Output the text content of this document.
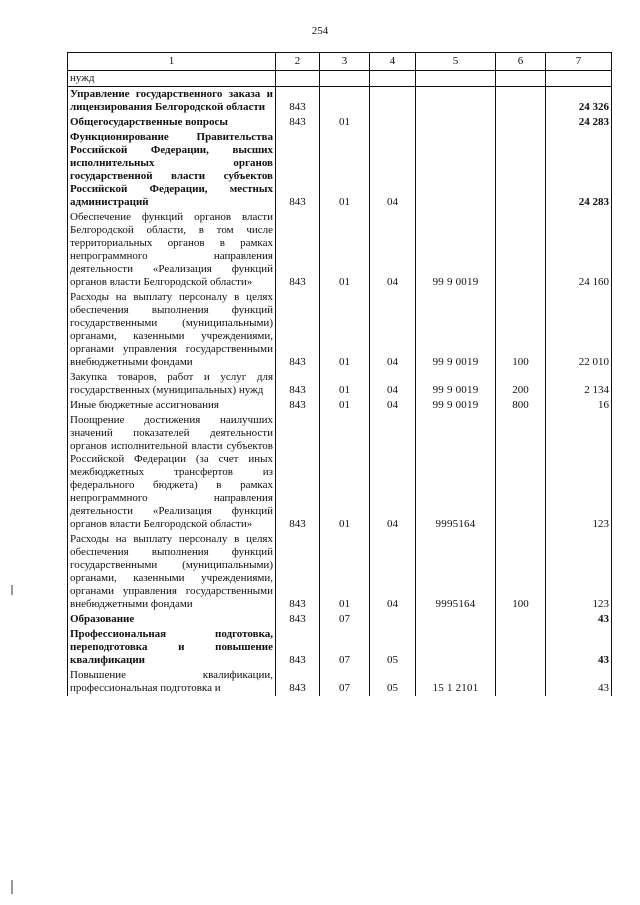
254
1	2	3	4	5	6	7
нужд						
Управление государственного заказа и лицензирования Белгородской области	843					24 326
Общегосударственные вопросы	843	01				24 283
Функционирование Правительства Российской Федерации, высших исполнительных органов государственной власти субъектов Российской Федерации, местных администраций	843	01	04			24 283
Обеспечение функций органов власти Белгородской области, в том числе территориальных органов в рамках непрограммного направления деятельности «Реализация функций органов власти Белгородской области»	843	01	04	99 9 0019		24 160
Расходы на выплату персоналу в целях обеспечения выполнения функций государственными (муниципальными) органами, казенными учреждениями, органами управления государственными внебюджетными фондами	843	01	04	99 9 0019	100	22 010
Закупка товаров, работ и услуг для государственных (муниципальных) нужд	843	01	04	99 9 0019	200	2 134
Иные бюджетные ассигнования	843	01	04	99 9 0019	800	16
Поощрение достижения наилучших значений показателей деятельности органов исполнительной власти субъектов Российской Федерации (за счет иных межбюджетных трансфертов из федерального бюджета) в рамках непрограммного направления деятельности «Реализация функций органов власти Белгородской области»	843	01	04	9995164		123
Расходы на выплату персоналу в целях обеспечения выполнения функций государственными (муниципальными) органами, казенными учреждениями, органами управления государственными внебюджетными фондами	843	01	04	9995164	100	123
Образование	843	07				43
Профессиональная подготовка, переподготовка и повышение квалификации	843	07	05			43
Повышение квалификации, профессиональная подготовка и	843	07	05	15 1 2101		43
